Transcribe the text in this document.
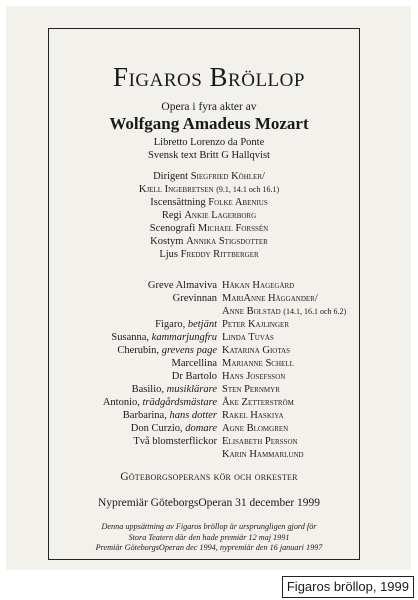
Figaros Bröllop
Opera i fyra akter av
Wolfgang Amadeus Mozart
Libretto Lorenzo da Ponte
Svensk text Britt G Hallqvist
Dirigent Siegfried Köhler/
Kjell Ingebretsen (9.1, 14.1 och 16.1)
Iscensättning Folke Abenius
Regi Ankie Lagerborg
Scenografi Michael Forssén
Kostym Annika Stigsdotter
Ljus Freddy Rittberger
Greve Almaviva Håkan Hagegård
Grevinnan MariAnne Häggander/
Anne Bolstad (14.1, 16.1 och 6.2)
Figaro, betjänt Peter Kajlinger
Susanna, kammarjungfru Linda Tuvås
Cherubin, grevens page Katarina Giotas
Marcellina Marianne Schell
Dr Bartolo Hans Josefsson
Basilio, musiklärare Sten Pernmyr
Antonio, trädgårdsmästare Åke Zetterström
Barbarina, hans dotter Rakel Haskiya
Don Curzio, domare Agne Blomgren
Två blomsterflickor Elisabeth Persson
Karin Hammarlund
Göteborgsoperans kör och orkester
Nypremiär GöteborgsOperan 31 december 1999
Denna uppsättning av Figaros bröllop är ursprungligen gjord för
Stora Teatern där den hade premiär 12 maj 1991
Premiär GöteborgsOperan dec 1994, nypremiär den 16 januari 1997
Figaros bröllop, 1999
